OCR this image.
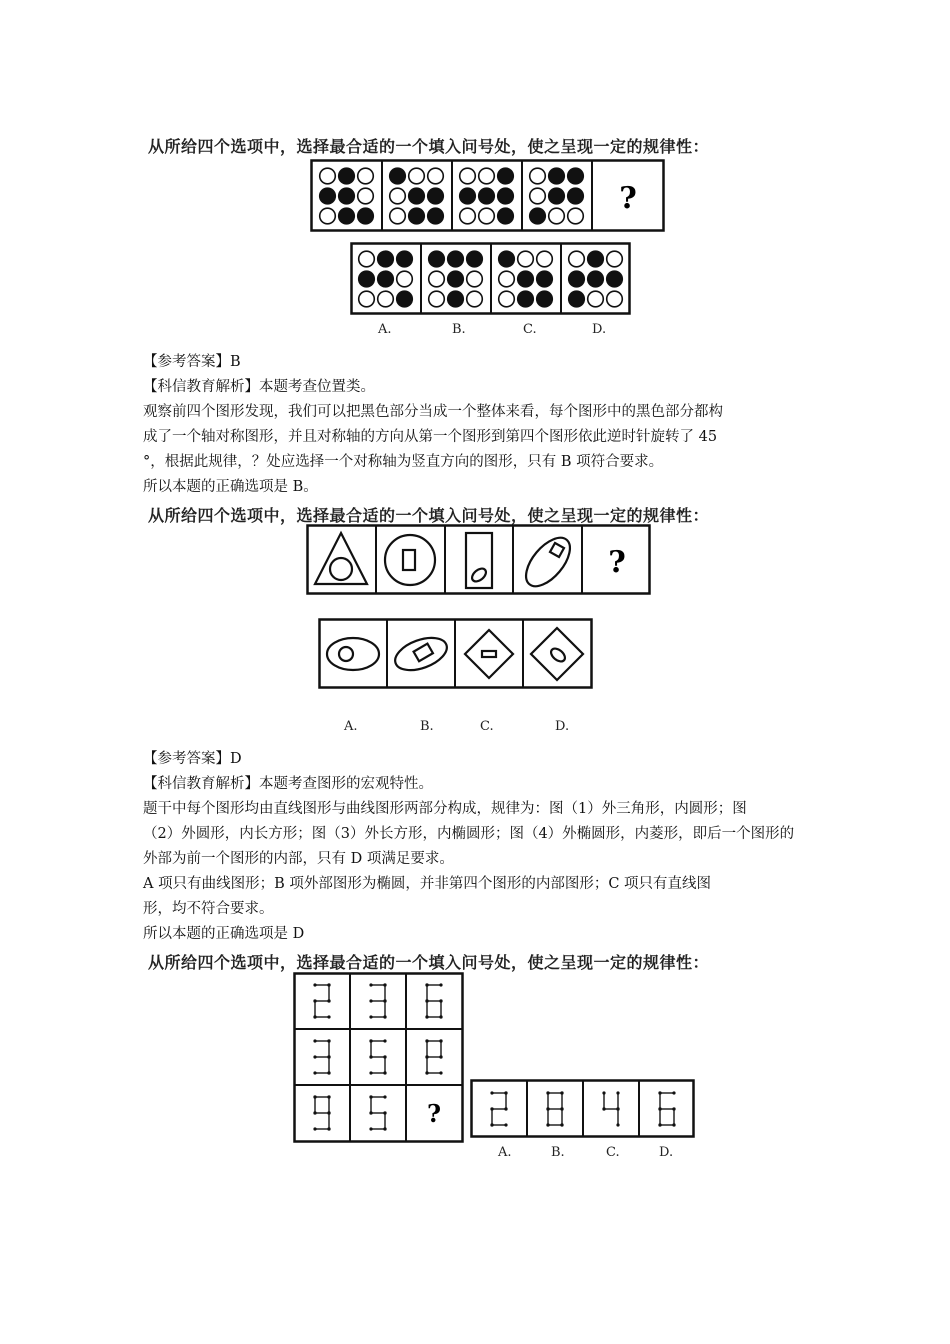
从所给四个选项中，选择最合适的一个填入问号处，使之呈现一定的规律性：
?
A.	B.	C.	D.
【参考答案】B
【科信教育解析】本题考查位置类。
观察前四个图形发现，我们可以把黑色部分当成一个整体来看，每个图形中的黑色部分都构
成了一个轴对称图形，并且对称轴的方向从第一个图形到第四个图形依此逆时针旋转了 45
°，根据此规律，？处应选择一个对称轴为竖直方向的图形，只有 B 项符合要求。
所以本题的正确选项是 B。
从所给四个选项中，选择最合适的一个填入问号处，使之呈现一定的规律性：
?
A.	B.	C.	D.
【参考答案】D
【科信教育解析】本题考查图形的宏观特性。
题干中每个图形均由直线图形与曲线图形两部分构成，规律为：图（1）外三角形，内圆形；图
（2）外圆形，内长方形；图（3）外长方形，内椭圆形；图（4）外椭圆形，内菱形，即后一个图形的
外部为前一个图形的内部，只有 D 项满足要求。
A 项只有曲线图形；B 项外部图形为椭圆，并非第四个图形的内部图形；C 项只有直线图
形，均不符合要求。
所以本题的正确选项是 D
从所给四个选项中，选择最合适的一个填入问号处，使之呈现一定的规律性：
?
A.	B.	C.	D.
